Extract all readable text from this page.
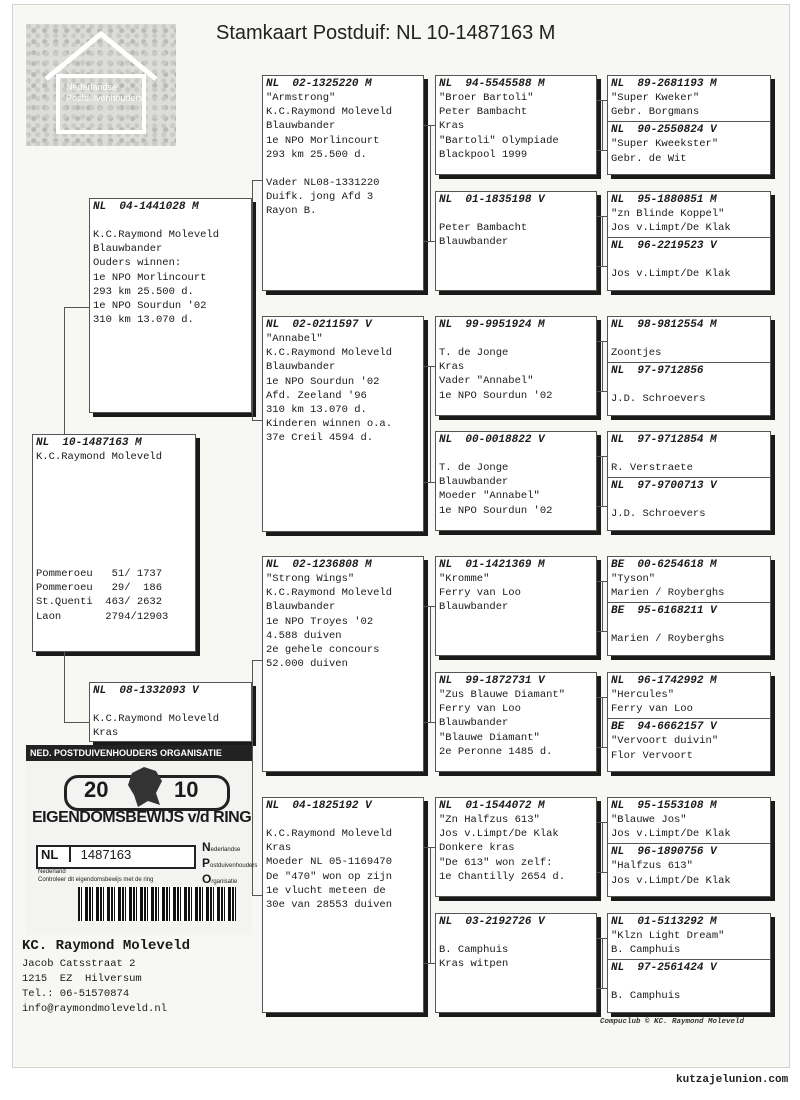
Nederlandse Postduivenhouders
Stamkaart Postduif: NL 10-1487163 M
NL  10-1487163 M
K.C.Raymond Moleveld
Pommeroeu   51/ 1737
Pommeroeu   29/  186
St.Quenti  463/ 2632
Laon       2794/12903
NL  04-1441028 M
K.C.Raymond Moleveld
Blauwbander
Ouders winnen:
1e NPO Morlincourt
293 km 25.500 d.
1e NPO Sourdun '02
310 km 13.070 d.
NL  08-1332093 V
K.C.Raymond Moleveld
Kras
NL  02-1325220 M
"Armstrong"
K.C.Raymond Moleveld
Blauwbander
1e NPO Morlincourt
293 km 25.500 d.
Vader NL08-1331220
Duifk. jong Afd 3
Rayon B.
NL  02-0211597 V
"Annabel"
K.C.Raymond Moleveld
Blauwbander
1e NPO Sourdun '02
Afd. Zeeland '96
310 km 13.070 d.
Kinderen winnen o.a.
37e Creil 4594 d.
NL  02-1236808 M
"Strong Wings"
K.C.Raymond Moleveld
Blauwbander
1e NPO Troyes '02
4.588 duiven
2e gehele concours
52.000 duiven
NL  04-1825192 V
K.C.Raymond Moleveld
Kras
Moeder NL 05-1169470
De "470" won op zijn
1e vlucht meteen de
30e van 28553 duiven
NL  94-5545588 M
"Broer Bartoli"
Peter Bambacht
Kras
"Bartoli" Olympiade
Blackpool 1999
NL  01-1835198 V
Peter Bambacht
Blauwbander
NL  99-9951924 M
T. de Jonge
Kras
Vader "Annabel"
1e NPO Sourdun '02
NL  00-0018822 V
T. de Jonge
Blauwbander
Moeder "Annabel"
1e NPO Sourdun '02
NL  01-1421369 M
"Kromme"
Ferry van Loo
Blauwbander
NL  99-1872731 V
"Zus Blauwe Diamant"
Ferry van Loo
Blauwbander
"Blauwe Diamant"
2e Peronne 1485 d.
NL  01-1544072 M
"Zn Halfzus 613"
Jos v.Limpt/De Klak
Donkere kras
"De 613" won zelf:
1e Chantilly 2654 d.
NL  03-2192726 V
B. Camphuis
Kras witpen
NL  89-2681193 M
"Super Kweker"
Gebr. Borgmans
NL  90-2550824 V
"Super Kweekster"
Gebr. de Wit
NL  95-1880851 M
"zn Blinde Koppel"
Jos v.Limpt/De Klak
NL  96-2219523 V
Jos v.Limpt/De Klak
NL  98-9812554 M
Zoontjes
NL  97-9712856
J.D. Schroevers
NL  97-9712854 M
R. Verstraete
NL  97-9700713 V
J.D. Schroevers
BE  00-6254618 M
"Tyson"
Marien / Royberghs
BE  95-6168211 V
Marien / Royberghs
NL  96-1742992 M
"Hercules"
Ferry van Loo
BE  94-6662157 V
"Vervoort duivin"
Flor Vervoort
NL  95-1553108 M
"Blauwe Jos"
Jos v.Limpt/De Klak
NL  96-1890756 V
"Halfzus 613"
Jos v.Limpt/De Klak
NL  01-5113292 M
"Klzn Light Dream"
B. Camphuis
NL  97-2561424 V
B. Camphuis
NED. POSTDUIVENHOUDERS ORGANISATIE
20	10
EIGENDOMSBEWIJS v/d RING
NL 1487163
Nederland
Nederlandse
Postduivenhouders
Organisatie
Controleer dit eigendomsbewijs met de ring
KC. Raymond Moleveld
Jacob Catsstraat 2
1215  EZ  Hilversum
Tel.: 06-51570874
info@raymondmoleveld.nl
Compuclub © KC. Raymond Moleveld
kutzajelunion.com
